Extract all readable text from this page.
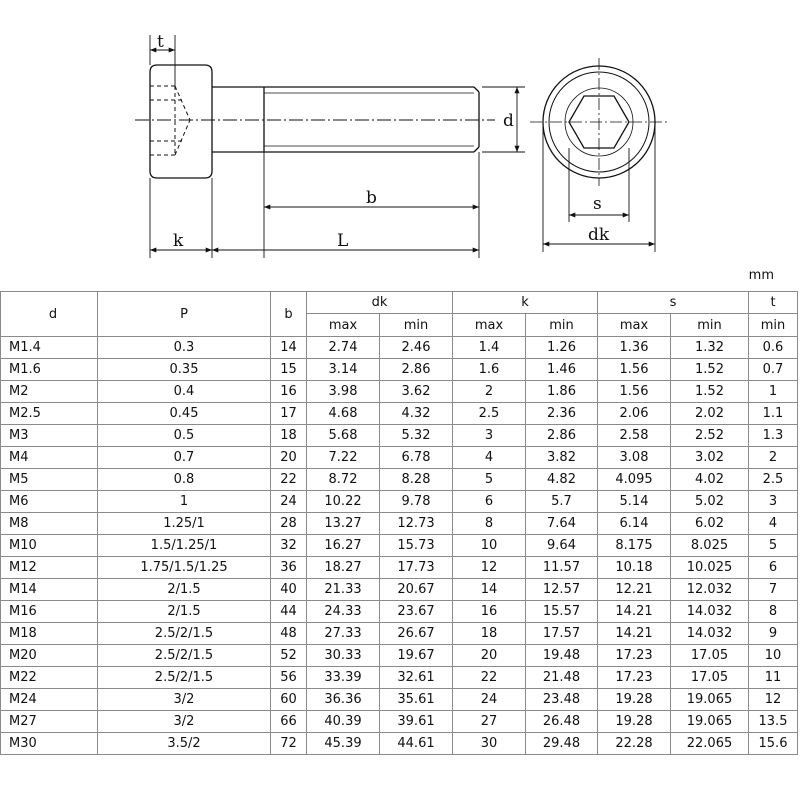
t
d
b
k	L
s
dk
mm
d	P	b	dk		k		s		t
			max	min	max	min	max	min	min
M1.4	0.3	14	2.74	2.46	1.4	1.26	1.36	1.32	0.6
M1.6	0.35	15	3.14	2.86	1.6	1.46	1.56	1.52	0.7
M2	0.4	16	3.98	3.62	2	1.86	1.56	1.52	1
M2.5	0.45	17	4.68	4.32	2.5	2.36	2.06	2.02	1.1
M3	0.5	18	5.68	5.32	3	2.86	2.58	2.52	1.3
M4	0.7	20	7.22	6.78	4	3.82	3.08	3.02	2
M5	0.8	22	8.72	8.28	5	4.82	4.095	4.02	2.5
M6	1	24	10.22	9.78	6	5.7	5.14	5.02	3
M8	1.25/1	28	13.27	12.73	8	7.64	6.14	6.02	4
M10	1.5/1.25/1	32	16.27	15.73	10	9.64	8.175	8.025	5
M12	1.75/1.5/1.25	36	18.27	17.73	12	11.57	10.18	10.025	6
M14	2/1.5	40	21.33	20.67	14	12.57	12.21	12.032	7
M16	2/1.5	44	24.33	23.67	16	15.57	14.21	14.032	8
M18	2.5/2/1.5	48	27.33	26.67	18	17.57	14.21	14.032	9
M20	2.5/2/1.5	52	30.33	19.67	20	19.48	17.23	17.05	10
M22	2.5/2/1.5	56	33.39	32.61	22	21.48	17.23	17.05	11
M24	3/2	60	36.36	35.61	24	23.48	19.28	19.065	12
M27	3/2	66	40.39	39.61	27	26.48	19.28	19.065	13.5
M30	3.5/2	72	45.39	44.61	30	29.48	22.28	22.065	15.6
